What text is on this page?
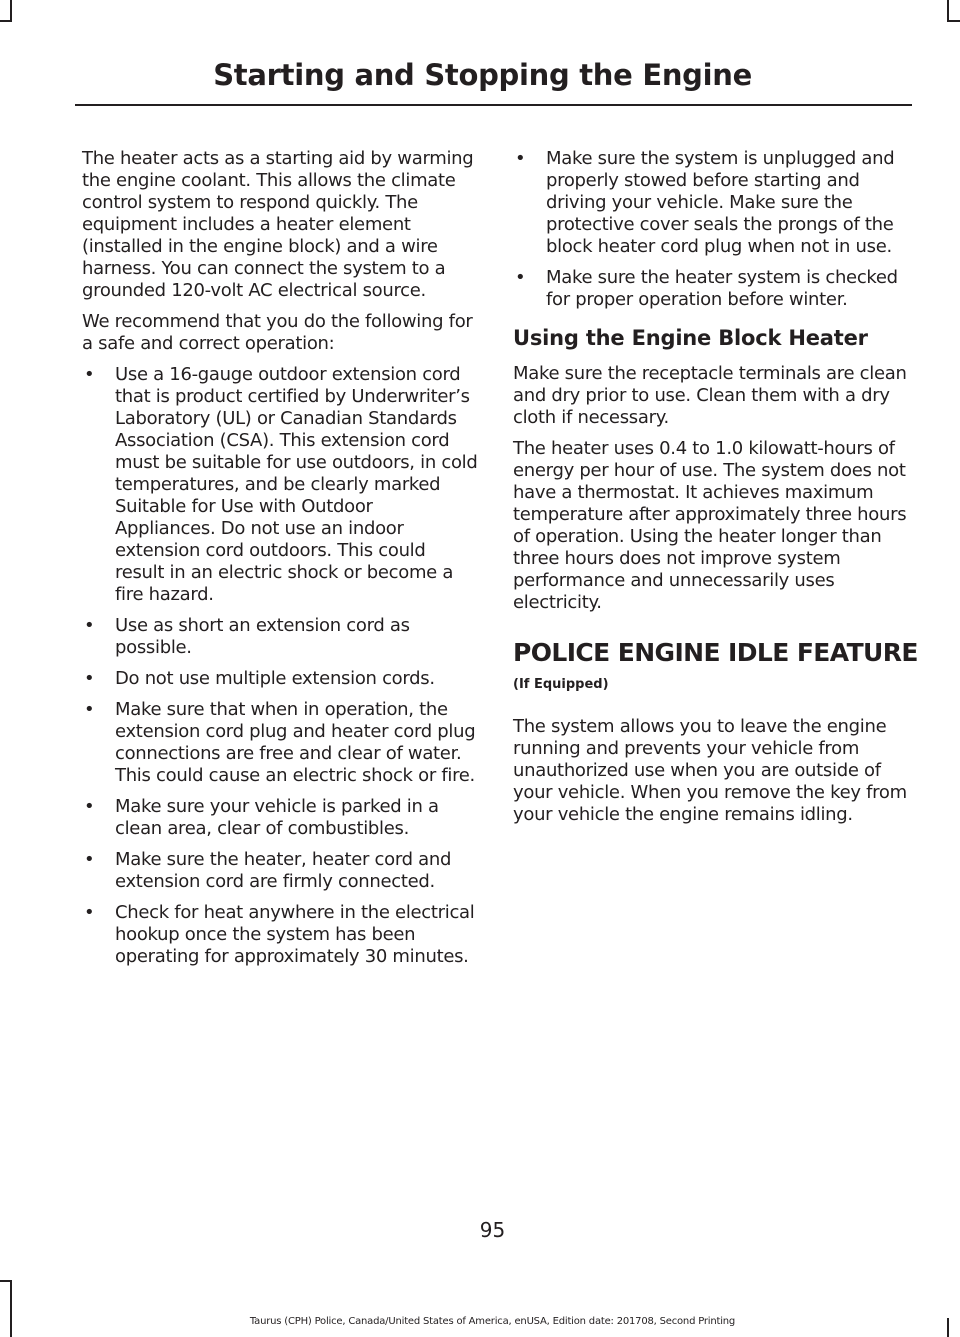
Starting and Stopping the Engine

The heater acts as a starting aid by warming the engine coolant. This allows the climate control system to respond quickly. The equipment includes a heater element (installed in the engine block) and a wire harness. You can connect the system to a grounded 120-volt AC electrical source.

We recommend that you do the following for a safe and correct operation:

• Use a 16-gauge outdoor extension cord that is product certified by Underwriter’s Laboratory (UL) or Canadian Standards Association (CSA). This extension cord must be suitable for use outdoors, in cold temperatures, and be clearly marked Suitable for Use with Outdoor Appliances. Do not use an indoor extension cord outdoors. This could result in an electric shock or become a fire hazard.
• Use as short an extension cord as possible.
• Do not use multiple extension cords.
• Make sure that when in operation, the extension cord plug and heater cord plug connections are free and clear of water. This could cause an electric shock or fire.
• Make sure your vehicle is parked in a clean area, clear of combustibles.
• Make sure the heater, heater cord and extension cord are firmly connected.
• Check for heat anywhere in the electrical hookup once the system has been operating for approximately 30 minutes.
• Make sure the system is unplugged and properly stowed before starting and driving your vehicle. Make sure the protective cover seals the prongs of the block heater cord plug when not in use.
• Make sure the heater system is checked for proper operation before winter.
Using the Engine Block Heater

Make sure the receptacle terminals are clean and dry prior to use. Clean them with a dry cloth if necessary.

The heater uses 0.4 to 1.0 kilowatt-hours of energy per hour of use. The system does not have a thermostat. It achieves maximum temperature after approximately three hours of operation. Using the heater longer than three hours does not improve system performance and unnecessarily uses electricity.

POLICE ENGINE IDLE FEATURE
(If Equipped)

The system allows you to leave the engine running and prevents your vehicle from unauthorized use when you are outside of your vehicle. When you remove the key from your vehicle the engine remains idling.

95
Taurus (CPH) Police, Canada/United States of America, enUSA, Edition date: 201708, Second Printing
